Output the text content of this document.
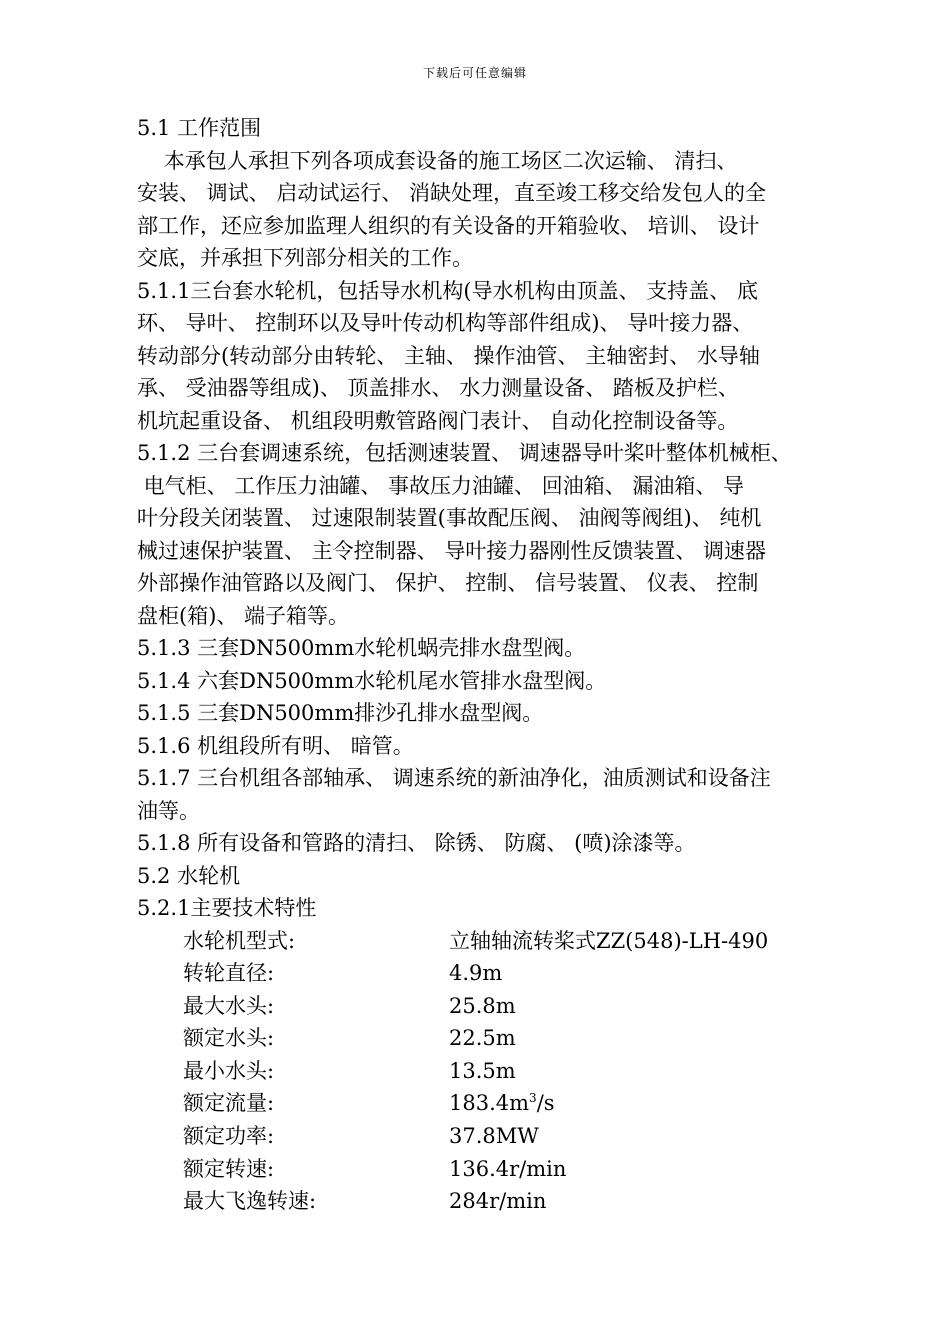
下载后可任意编辑
5.1 工作范围
本承包人承担下列各项成套设备的施工场区二次运输、 清扫、
安装、 调试、 启动试运行、 消缺处理，直至竣工移交给发包人的全
部工作，还应参加监理人组织的有关设备的开箱验收、 培训、 设计
交底，并承担下列部分相关的工作。
5.1.1三台套水轮机，包括导水机构(导水机构由顶盖、 支持盖、 底
环、 导叶、 控制环以及导叶传动机构等部件组成)、 导叶接力器、
转动部分(转动部分由转轮、 主轴、 操作油管、 主轴密封、 水导轴
承、 受油器等组成)、 顶盖排水、 水力测量设备、 踏板及护栏、
机坑起重设备、 机组段明敷管路阀门表计、 自动化控制设备等。
5.1.2 三台套调速系统，包括测速装置、 调速器导叶桨叶整体机械柜、
电气柜、 工作压力油罐、 事故压力油罐、 回油箱、 漏油箱、 导
叶分段关闭装置、 过速限制装置(事故配压阀、 油阀等阀组)、 纯机
械过速保护装置、 主令控制器、 导叶接力器刚性反馈装置、 调速器
外部操作油管路以及阀门、 保护、 控制、 信号装置、 仪表、 控制
盘柜(箱)、 端子箱等。
5.1.3 三套DN500mm水轮机蜗壳排水盘型阀。
5.1.4 六套DN500mm水轮机尾水管排水盘型阀。
5.1.5 三套DN500mm排沙孔排水盘型阀。
5.1.6 机组段所有明、 暗管。
5.1.7 三台机组各部轴承、 调速系统的新油净化，油质测试和设备注
油等。
5.1.8 所有设备和管路的清扫、 除锈、 防腐、 (喷)涂漆等。
5.2 水轮机
5.2.1主要技术特性
水轮机型式:	立轴轴流转桨式ZZ(548)-LH-490
转轮直径:	4.9m
最大水头:	25.8m
额定水头:	22.5m
最小水头:	13.5m
额定流量:	$183.4m^3/s$
额定功率:	37.8MW
额定转速:	136.4r/min
最大飞逸转速:	284r/min
